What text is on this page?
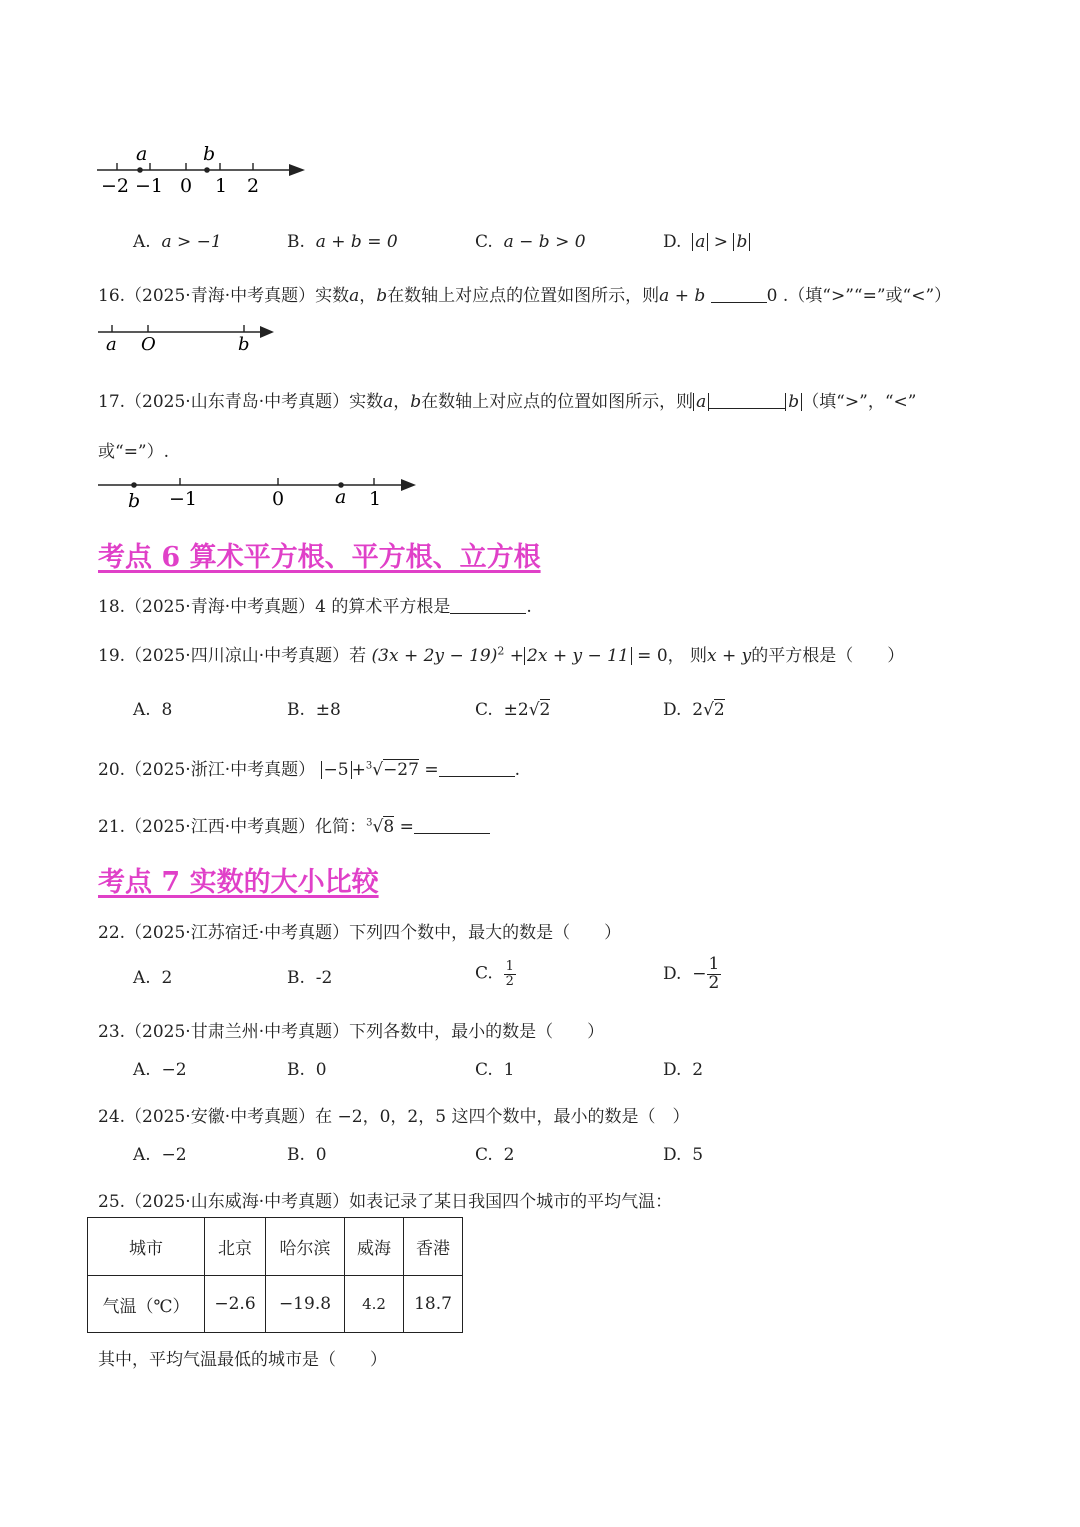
a	b
−2 −1 0 1 2
A. a > −1	B. a + b = 0	C. a − b > 0	D. a > b
16.（2025·青海·中考真题）实数a，b在数轴上对应点的位置如图所示，则a + b	0 .（填“>”“=”或“<”）
a O	b
17.（2025·山东青岛·中考真题）实数a，b在数轴上对应点的位置如图所示，则 a	b （填“>”，“<”
或“=”）.
b −1	0	a 1
考点 6 算术平方根、平方根、立方根
18.（2025·青海·中考真题）4 的算术平方根是	.
19.（2025·四川凉山·中考真题）若 $(3x + 2y - 19)^2 + 2x + y - 11 = 0$， 则x + y的平方根是（　　）
A. 8	B. ±8	C. ±2√2	D. 2√2
20.（2025·浙江·中考真题） −5 +$^3$√−27 =	.
21.（2025·江西·中考真题）化简：$^3$√8 =
考点 7 实数的大小比较
22.（2025·江苏宿迁·中考真题）下列四个数中，最大的数是（　　）
A. 2	B. -2	C. $\frac{1}{2}$	D. − $\frac{1}{2}$
23.（2025·甘肃兰州·中考真题）下列各数中，最小的数是（　　）
A. −2	B. 0	C. 1	D. 2
24.（2025·安徽·中考真题）在 −2，0，2，5 这四个数中，最小的数是（　）
A. −2	B. 0	C. 2	D. 5
25.（2025·山东威海·中考真题）如表记录了某日我国四个城市的平均气温：
城市	北京	哈尔滨	威海	香港
气温（℃）	−2.6	−19.8	4.2	18.7
其中，平均气温最低的城市是（　　）
